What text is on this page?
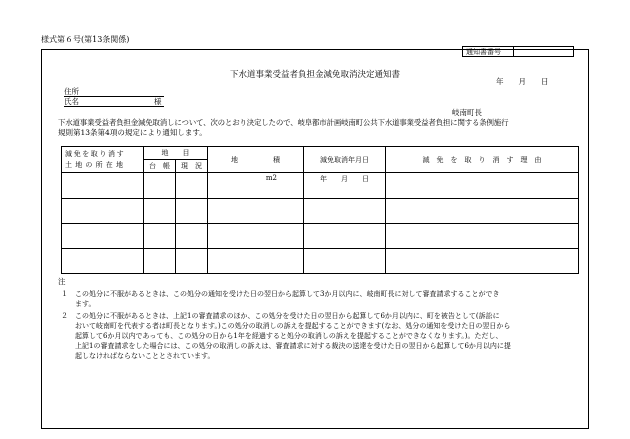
様式第６号(第13条関係)
通知書番号
下水道事業受益者負担金減免取消決定通知書
年　　月　　日
住所
氏名	様
岐南町長
下水道事業受益者負担金減免取消しについて、次のとおり決定したので、岐阜都市計画岐南町公共下水道事業受益者負担に関する条例施行
規則第13条第4項の規定により通知します。
減免を取り消す
土地の所在地	地　　目		地　　　　　積	減免取消年月日	減　免　を　取　り　消　す　理　由
	台　帳	現　況			
			m2	年　　月　　日	

注
１　この処分に不服があるときは、この処分の通知を受けた日の翌日から起算して3か月以内に、岐南町長に対して審査請求することができ
　　ます。
２　この処分に不服があるときは、上記1の審査請求のほか、この処分を受けた日の翌日から起算して6か月以内に、町を被告として(訴訟に
　　おいて岐南町を代表する者は町長となります。)この処分の取消しの訴えを提起することができます(なお、処分の通知を受けた日の翌日から
　　起算して6か月以内であっても、この処分の日から1年を経過すると処分の取消しの訴えを提起することができなくなります。)。ただし、
　　上記1の審査請求をした場合には、この処分の取消しの訴えは、審査請求に対する裁決の送達を受けた日の翌日から起算して6か月以内に提
　　起しなければならないこととされています。
